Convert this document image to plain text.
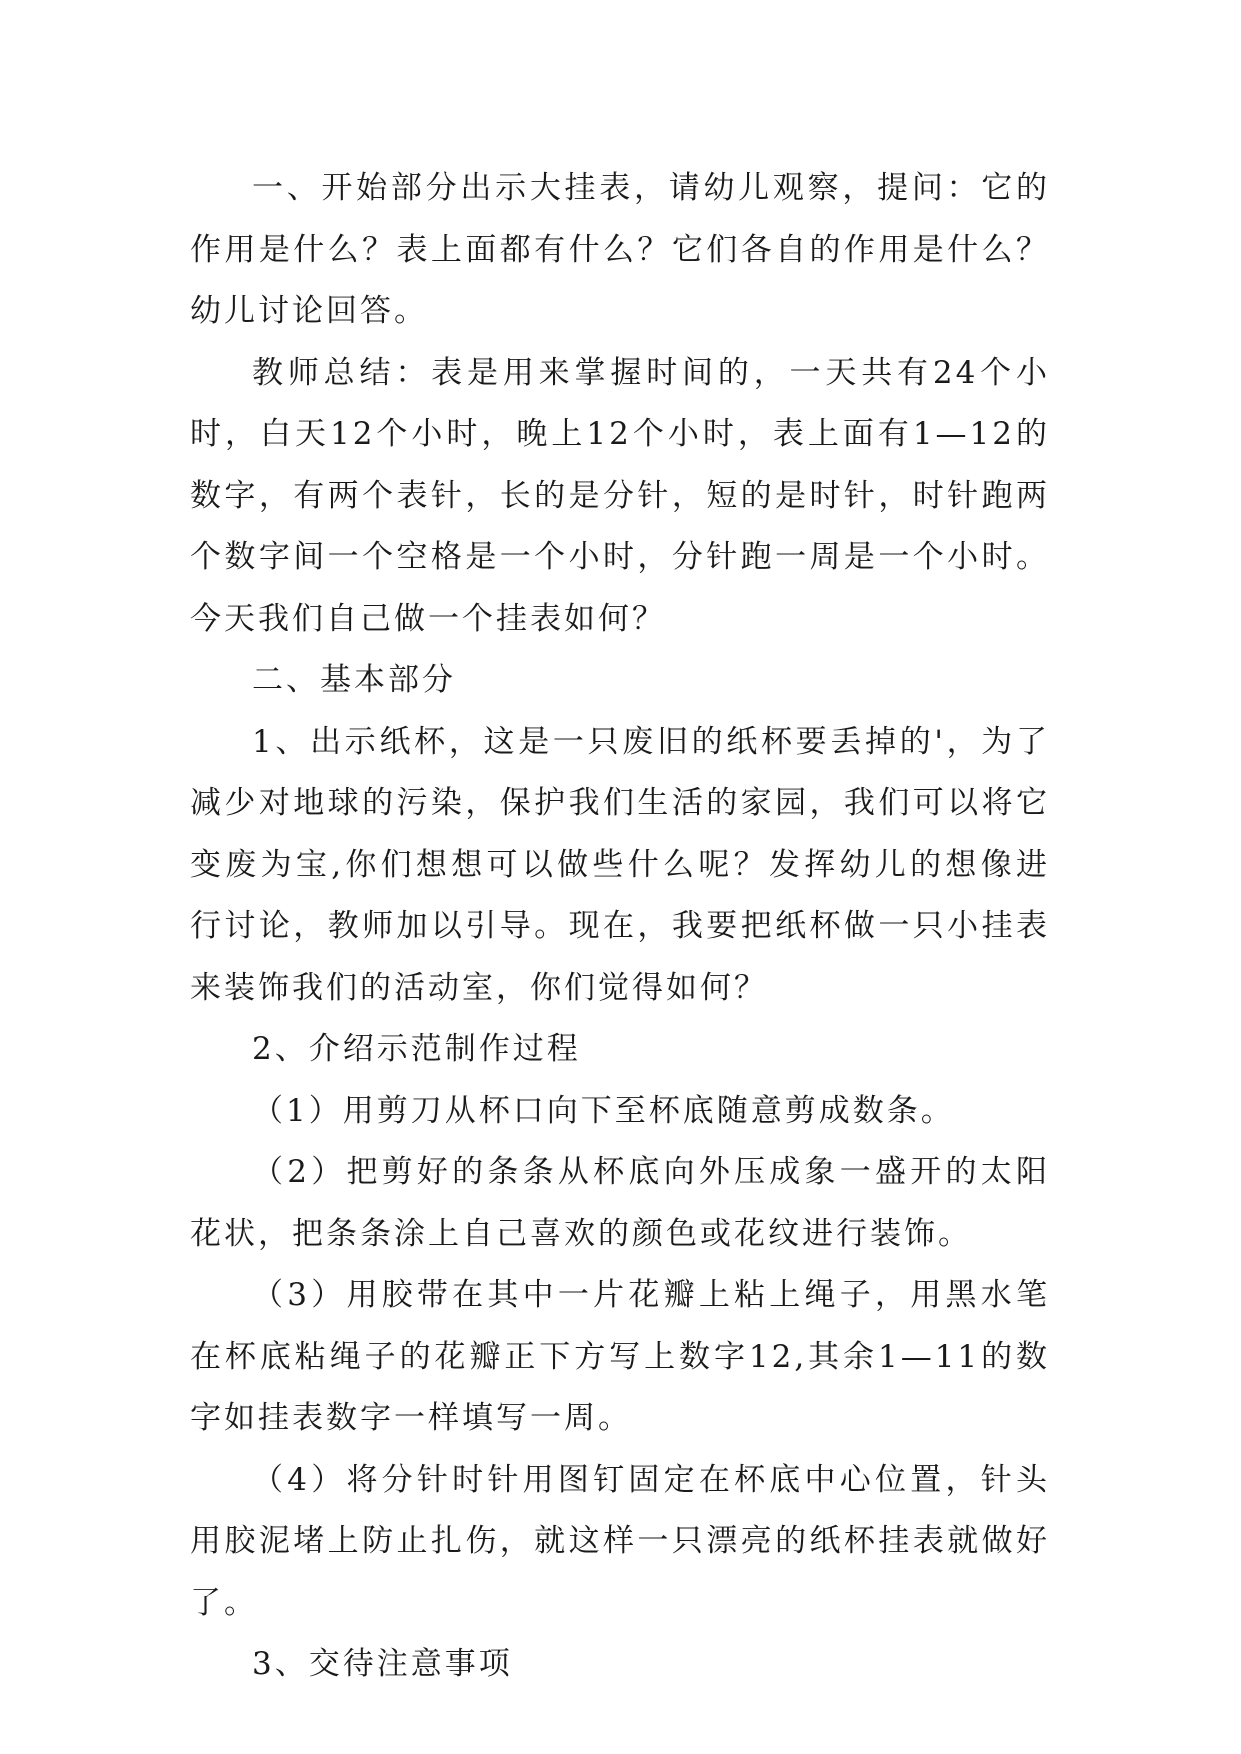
一、开始部分出示大挂表，请幼儿观察，提问：它的作用是什么？表上面都有什么？它们各自的作用是什么？幼儿讨论回答。

教师总结：表是用来掌握时间的，一天共有24个小时，白天12个小时，晚上12个小时，表上面有1—12的数字，有两个表针，长的是分针，短的是时针，时针跑两个数字间一个空格是一个小时，分针跑一周是一个小时。今天我们自己做一个挂表如何？

二、基本部分

1、出示纸杯，这是一只废旧的纸杯要丢掉的'，为了减少对地球的污染，保护我们生活的家园，我们可以将它变废为宝,你们想想可以做些什么呢？发挥幼儿的想像进行讨论，教师加以引导。现在，我要把纸杯做一只小挂表来装饰我们的活动室，你们觉得如何？

2、介绍示范制作过程

（1）用剪刀从杯口向下至杯底随意剪成数条。

（2）把剪好的条条从杯底向外压成象一盛开的太阳花状，把条条涂上自己喜欢的颜色或花纹进行装饰。

（3）用胶带在其中一片花瓣上粘上绳子，用黑水笔在杯底粘绳子的花瓣正下方写上数字12,其余1—11的数字如挂表数字一样填写一周。

（4）将分针时针用图钉固定在杯底中心位置，针头用胶泥堵上防止扎伤，就这样一只漂亮的纸杯挂表就做好了。

3、交待注意事项
